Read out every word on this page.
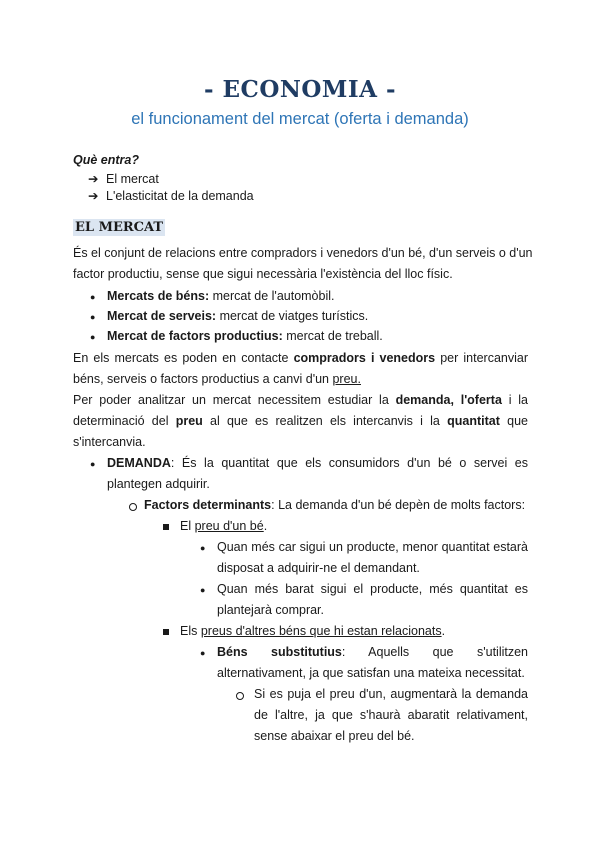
- ECONOMIA -
el funcionament del mercat (oferta i demanda)
Què entra?
➔ El mercat
➔ L'elasticitat de la demanda
EL MERCAT
És el conjunt de relacions entre compradors i venedors d'un bé, d'un serveis o d'un
factor productiu, sense que sigui necessària l'existència del lloc físic.
● Mercats de béns: mercat de l'automòbil.
● Mercat de serveis: mercat de viatges turístics.
● Mercat de factors productius: mercat de treball.
En els mercats es poden en contacte compradors i venedors per intercanviar
béns, serveis o factors productius a canvi d'un preu.
Per poder analitzar un mercat necessitem estudiar la demanda, l'oferta i la
determinació del preu al que es realitzen els intercanvis i la quantitat que
s'intercanvia.
● DEMANDA: És la quantitat que els consumidors d'un bé o servei es
plantegen adquirir.
Factors determinants: La demanda d'un bé depèn de molts factors:
El preu d'un bé.
● Quan més car sigui un producte, menor quantitat estarà
disposat a adquirir-ne el demandant.
● Quan més barat sigui el producte, més quantitat es
plantejarà comprar.
Els preus d'altres béns que hi estan relacionats.
● Béns substitutius: Aquells que s'utilitzen
alternativament, ja que satisfan una mateixa necessitat.
Si es puja el preu d'un, augmentarà la demanda
de l'altre, ja que s'haurà abaratit relativament,
sense abaixar el preu del bé.
